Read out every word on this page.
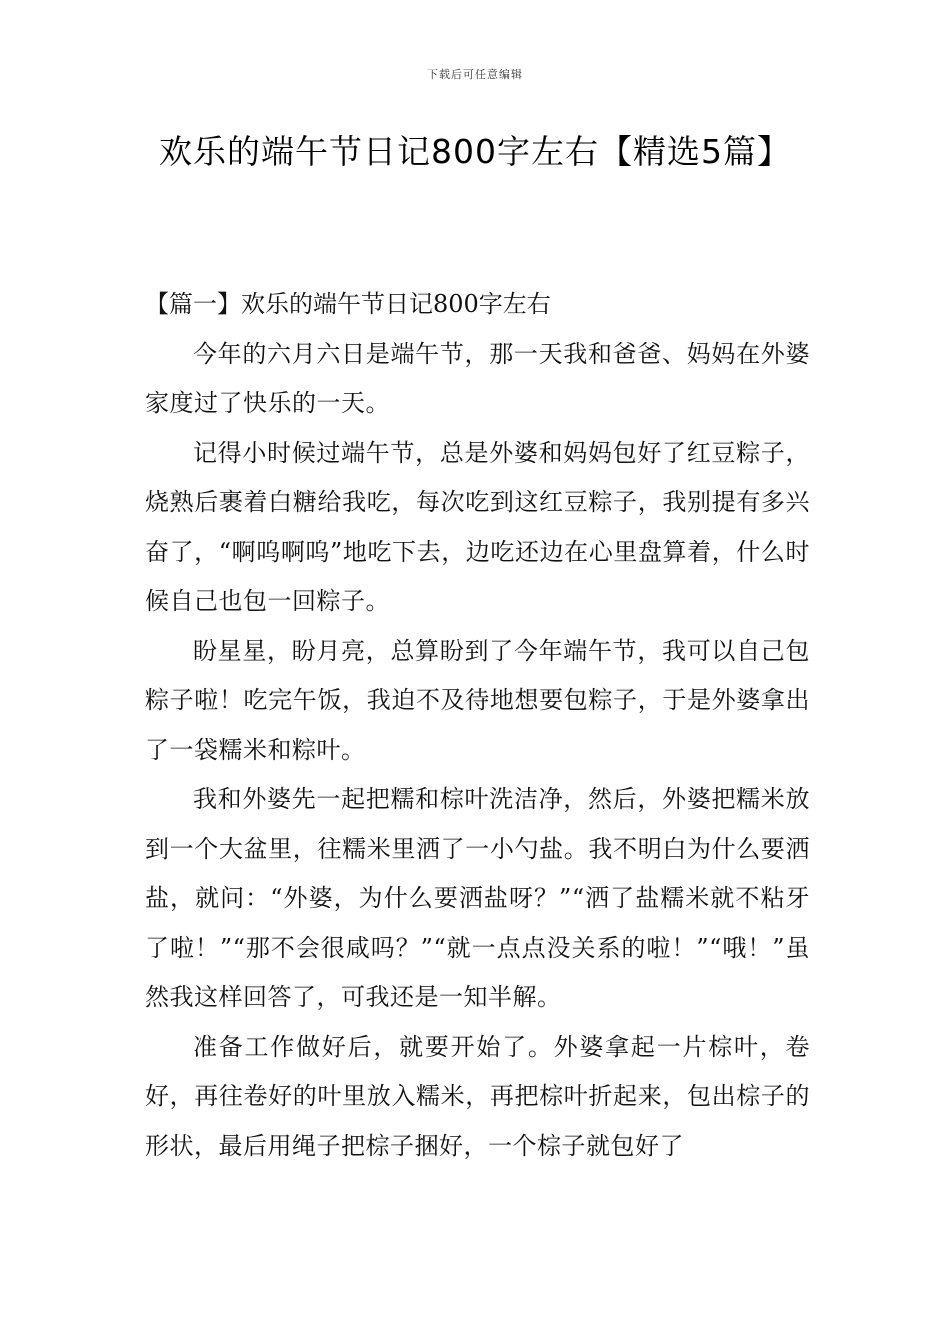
下载后可任意编辑
欢乐的端午节日记800字左右【精选5篇】
【篇一】欢乐的端午节日记800字左右

今年的六月六日是端午节，那一天我和爸爸、妈妈在外婆家度过了快乐的一天。

记得小时候过端午节，总是外婆和妈妈包好了红豆粽子，烧熟后裹着白糖给我吃，每次吃到这红豆粽子，我别提有多兴奋了，“啊呜啊呜”地吃下去，边吃还边在心里盘算着，什么时候自己也包一回粽子。

盼星星，盼月亮，总算盼到了今年端午节，我可以自己包粽子啦！吃完午饭，我迫不及待地想要包粽子，于是外婆拿出了一袋糯米和粽叶。

我和外婆先一起把糯和棕叶洗洁净，然后，外婆把糯米放到一个大盆里，往糯米里洒了一小勺盐。我不明白为什么要洒盐，就问：“外婆，为什么要洒盐呀？”“洒了盐糯米就不粘牙了啦！”“那不会很咸吗？”“就一点点没关系的啦！”“哦！”虽然我这样回答了，可我还是一知半解。

准备工作做好后，就要开始了。外婆拿起一片棕叶，卷好，再往卷好的叶里放入糯米，再把棕叶折起来，包出棕子的形状，最后用绳子把棕子捆好，一个棕子就包好了
